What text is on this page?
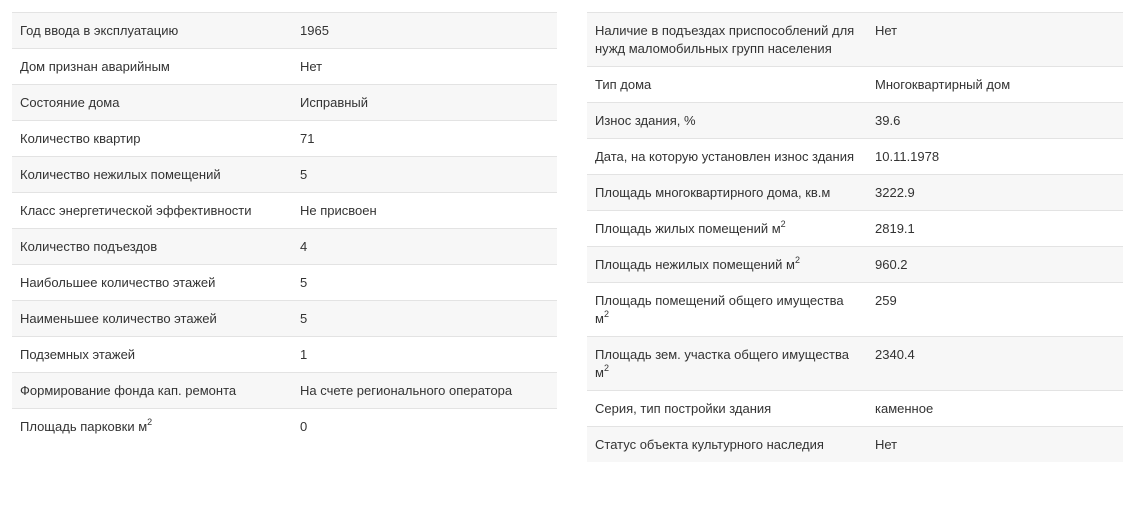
Год ввода в эксплуатацию	1965
Дом признан аварийным	Нет
Состояние дома	Исправный
Количество квартир	71
Количество нежилых помещений	5
Класс энергетической эффективности	Не присвоен
Количество подъездов	4
Наибольшее количество этажей	5
Наименьшее количество этажей	5
Подземных этажей	1
Формирование фонда кап. ремонта	На счете регионального оператора
Площадь парковки $м^2$	0
Наличие в подъездах приспособлений для нужд маломобильных групп населения	Нет
Тип дома	Многоквартирный дом
Износ здания, %	39.6
Дата, на которую установлен износ здания	10.11.1978
Площадь многоквартирного дома, кв.м	3222.9
Площадь жилых помещений $м^2$	2819.1
Площадь нежилых помещений $м^2$	960.2
Площадь помещений общего имущества $м^2$	259
Площадь зем. участка общего имущества $м^2$	2340.4
Серия, тип постройки здания	каменное
Статус объекта культурного наследия	Нет
